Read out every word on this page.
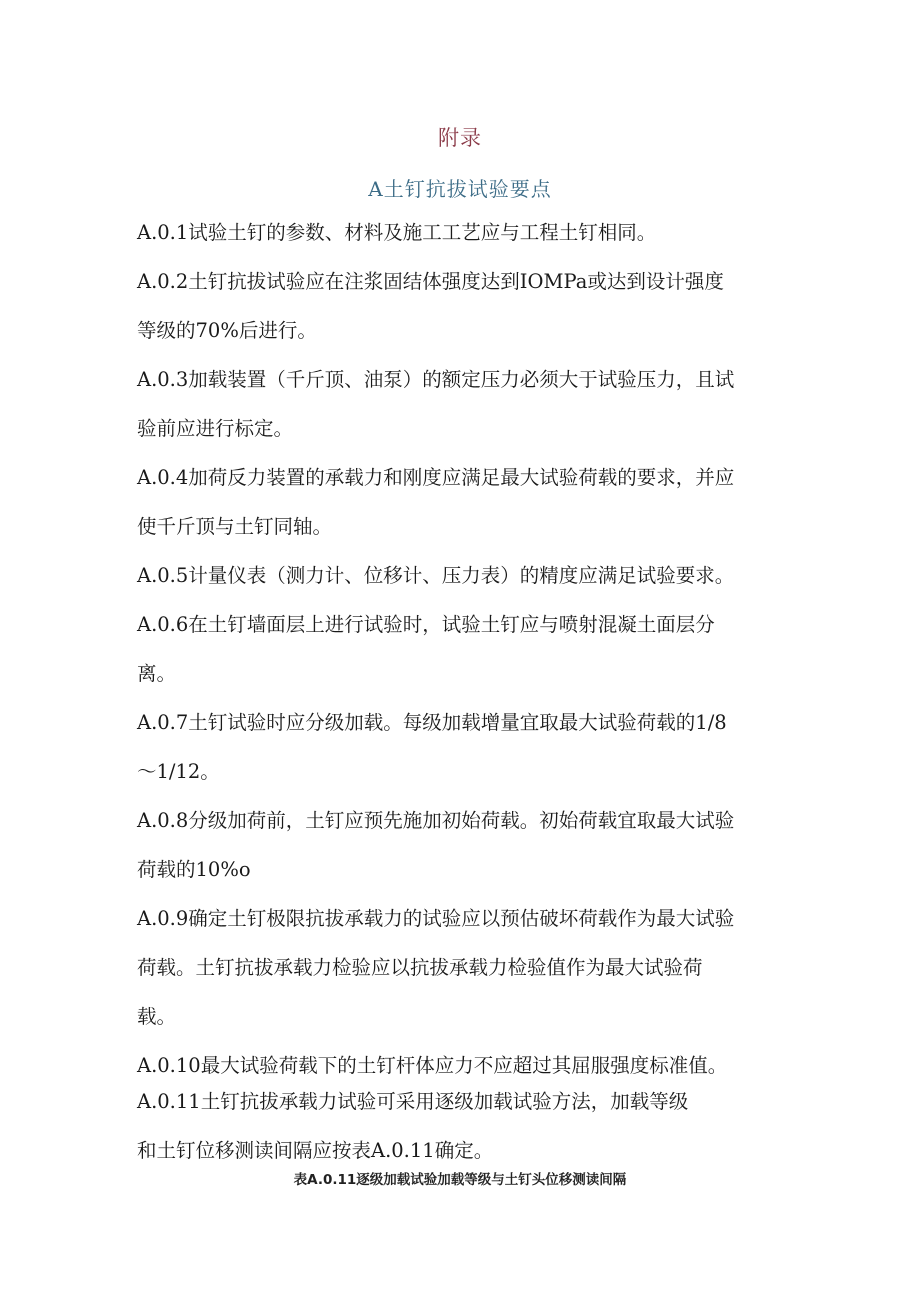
附录
A土钉抗拔试验要点

A.0.1试验土钉的参数、材料及施工工艺应与工程土钉相同。

A.0.2土钉抗拔试验应在注浆固结体强度达到IOMPa或达到设计强度
等级的70%后进行。

A.0.3加载装置（千斤顶、油泵）的额定压力必须大于试验压力，且试
验前应进行标定。

A.0.4加荷反力装置的承载力和刚度应满足最大试验荷载的要求，并应
使千斤顶与土钉同轴。

A.0.5计量仪表（测力计、位移计、压力表）的精度应满足试验要求。

A.0.6在土钉墙面层上进行试验时，试验土钉应与喷射混凝土面层分
离。

A.0.7土钉试验时应分级加载。每级加载增量宜取最大试验荷载的1/8
～1/12。

A.0.8分级加荷前，土钉应预先施加初始荷载。初始荷载宜取最大试验
荷载的10%o

A.0.9确定土钉极限抗拔承载力的试验应以预估破坏荷载作为最大试验
荷载。土钉抗拔承载力检验应以抗拔承载力检验值作为最大试验荷
载。

A.0.10最大试验荷载下的土钉杆体应力不应超过其屈服强度标准值。

A.0.11土钉抗拔承载力试验可采用逐级加载试验方法，加载等级
和土钉位移测读间隔应按表A.0.11确定。

表A.0.11逐级加载试验加载等级与土钉头位移测读间隔
